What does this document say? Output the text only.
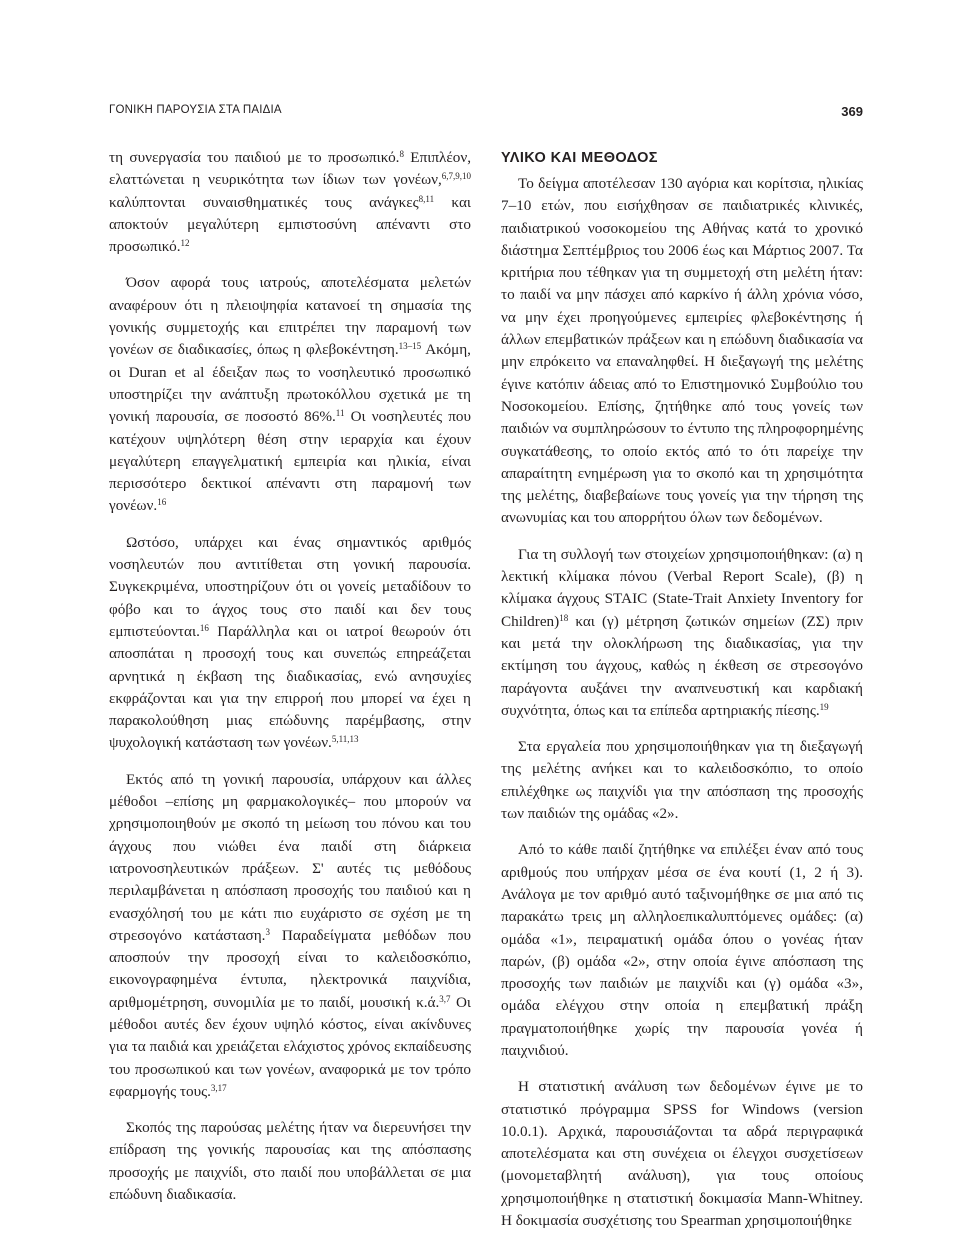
ΓΟΝΙΚΗ ΠΑΡΟΥΣΙΑ ΣΤΑ ΠΑΙΔΙΑ	369

τη συνεργασία του παιδιού με το προσωπικό.$^8$ Επιπλέον, ελαττώνεται η νευρικότητα των ίδιων των γονέων,$^{6,7,9,10}$ καλύπτονται συναισθηματικές τους ανάγκες$^{8,11}$ και αποκτούν μεγαλύτερη εμπιστοσύνη απέναντι στο προσωπικό.$^{12}$

Όσον αφορά τους ιατρούς, αποτελέσματα μελετών αναφέρουν ότι η πλειοψηφία κατανοεί τη σημασία της γονικής συμμετοχής και επιτρέπει την παραμονή των γονέων σε διαδικασίες, όπως η φλεβοκέντηση.$^{13-15}$ Ακόμη, οι Duran et al έδειξαν πως το νοσηλευτικό προσωπικό υποστηρίζει την ανάπτυξη πρωτοκόλλου σχετικά με τη γονική παρουσία, σε ποσοστό 86%.$^{11}$ Οι νοσηλευτές που κατέχουν υψηλότερη θέση στην ιεραρχία και έχουν μεγαλύτερη επαγγελματική εμπειρία και ηλικία, είναι περισσότερο δεκτικοί απέναντι στη παραμονή των γονέων.$^{16}$

Ωστόσο, υπάρχει και ένας σημαντικός αριθμός νοσηλευτών που αντιτίθεται στη γονική παρουσία. Συγκεκριμένα, υποστηρίζουν ότι οι γονείς μεταδίδουν το φόβο και το άγχος τους στο παιδί και δεν τους εμπιστεύονται.$^{16}$ Παράλληλα και οι ιατροί θεωρούν ότι αποσπάται η προσοχή τους και συνεπώς επηρεάζεται αρνητικά η έκβαση της διαδικασίας, ενώ ανησυχίες εκφράζονται και για την επιρροή που μπορεί να έχει η παρακολούθηση μιας επώδυνης παρέμβασης, στην ψυχολογική κατάσταση των γονέων.$^{5,11,13}$

Εκτός από τη γονική παρουσία, υπάρχουν και άλλες μέθοδοι –επίσης μη φαρμακολογικές– που μπορούν να χρησιμοποιηθούν με σκοπό τη μείωση του πόνου και του άγχους που νιώθει ένα παιδί στη διάρκεια ιατρονοσηλευτικών πράξεων. Σ' αυτές τις μεθόδους περιλαμβάνεται η απόσπαση προσοχής του παιδιού και η ενασχόλησή του με κάτι πιο ευχάριστο σε σχέση με τη στρεσογόνο κατάσταση.$^3$ Παραδείγματα μεθόδων που αποσπούν την προσοχή είναι το καλειδοσκόπιο, εικονογραφημένα έντυπα, ηλεκτρονικά παιχνίδια, αριθμομέτρηση, συνομιλία με το παιδί, μουσική κ.ά.$^{3,7}$ Οι μέθοδοι αυτές δεν έχουν υψηλό κόστος, είναι ακίνδυνες για τα παιδιά και χρειάζεται ελάχιστος χρόνος εκπαίδευσης του προσωπικού και των γονέων, αναφορικά με τον τρόπο εφαρμογής τους.$^{3,17}$

Σκοπός της παρούσας μελέτης ήταν να διερευνήσει την επίδραση της γονικής παρουσίας και της απόσπασης προσοχής με παιχνίδι, στο παιδί που υποβάλλεται σε μια επώδυνη διαδικασία.

ΥΛΙΚΟ ΚΑΙ ΜΕΘΟΔΟΣ

Το δείγμα αποτέλεσαν 130 αγόρια και κορίτσια, ηλικίας 7–10 ετών, που εισήχθησαν σε παιδιατρικές κλινικές, παιδιατρικού νοσοκομείου της Αθήνας κατά το χρονικό διάστημα Σεπτέμβριος του 2006 έως και Μάρτιος 2007. Τα κριτήρια που τέθηκαν για τη συμμετοχή στη μελέτη ήταν: το παιδί να μην πάσχει από καρκίνο ή άλλη χρόνια νόσο, να μην έχει προηγούμενες εμπειρίες φλεβοκέντησης ή άλλων επεμβατικών πράξεων και η επώδυνη διαδικασία να μην επρόκειτο να επαναληφθεί. Η διεξαγωγή της μελέτης έγινε κατόπιν άδειας από το Επιστημονικό Συμβούλιο του Νοσοκομείου. Επίσης, ζητήθηκε από τους γονείς των παιδιών να συμπληρώσουν το έντυπο της πληροφορημένης συγκατάθεσης, το οποίο εκτός από το ότι παρείχε την απαραίτητη ενημέρωση για το σκοπό και τη χρησιμότητα της μελέτης, διαβεβαίωνε τους γονείς για την τήρηση της ανωνυμίας και του απορρήτου όλων των δεδομένων.

Για τη συλλογή των στοιχείων χρησιμοποιήθηκαν: (α) η λεκτική κλίμακα πόνου (Verbal Report Scale), (β) η κλίμακα άγχους STAIC (State-Trait Anxiety Inventory for Children)$^{18}$ και (γ) μέτρηση ζωτικών σημείων (ΖΣ) πριν και μετά την ολοκλήρωση της διαδικασίας, για την εκτίμηση του άγχους, καθώς η έκθεση σε στρεσογόνο παράγοντα αυξάνει την αναπνευστική και καρδιακή συχνότητα, όπως και τα επίπεδα αρτηριακής πίεσης.$^{19}$

Στα εργαλεία που χρησιμοποιήθηκαν για τη διεξαγωγή της μελέτης ανήκει και το καλειδοσκόπιο, το οποίο επιλέχθηκε ως παιχνίδι για την απόσπαση της προσοχής των παιδιών της ομάδας «2».

Από το κάθε παιδί ζητήθηκε να επιλέξει έναν από τους αριθμούς που υπήρχαν μέσα σε ένα κουτί (1, 2 ή 3). Ανάλογα με τον αριθμό αυτό ταξινομήθηκε σε μια από τις παρακάτω τρεις μη αλληλοεπικαλυπτόμενες ομάδες: (α) ομάδα «1», πειραματική ομάδα όπου ο γονέας ήταν παρών, (β) ομάδα «2», στην οποία έγινε απόσπαση της προσοχής των παιδιών με παιχνίδι και (γ) ομάδα «3», ομάδα ελέγχου στην οποία η επεμβατική πράξη πραγματοποιήθηκε χωρίς την παρουσία γονέα ή παιχνιδιού.

Η στατιστική ανάλυση των δεδομένων έγινε με το στατιστικό πρόγραμμα SPSS for Windows (version 10.0.1). Αρχικά, παρουσιάζονται τα αδρά περιγραφικά αποτελέσματα και στη συνέχεια οι έλεγχοι συσχετίσεων (μονομεταβλητή ανάλυση), για τους οποίους χρησιμοποιήθηκε η στατιστική δοκιμασία Mann-Whitney. Η δοκιμασία συσχέτισης του Spearman χρησιμοποιήθηκε
